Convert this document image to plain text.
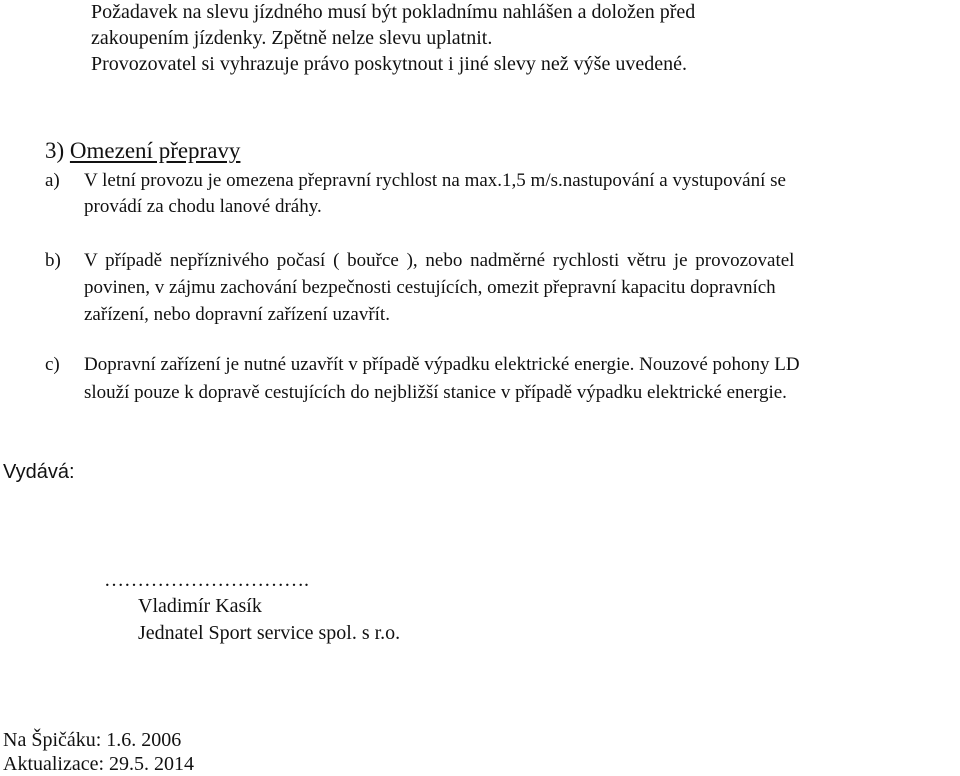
Požadavek na slevu jízdného musí být pokladnímu nahlášen a doložen před
zakoupením jízdenky. Zpětně nelze slevu uplatnit.
Provozovatel si vyhrazuje právo poskytnout i jiné slevy než výše uvedené.
3) Omezení přepravy
a) V letní provozu je omezena přepravní rychlost na max.1,5 m/s.nastupování a vystupování se
provádí za chodu lanové dráhy.
b) V případě nepříznivého počasí ( bouřce ), nebo nadměrné rychlosti větru je provozovatel
povinen, v zájmu zachování bezpečnosti cestujících, omezit přepravní kapacitu dopravních
zařízení, nebo dopravní zařízení uzavřít.
c) Dopravní zařízení je nutné uzavřít v případě výpadku elektrické energie. Nouzové pohony LD
slouží pouze k dopravě cestujících do nejbližší stanice v případě výpadku elektrické energie.
Vydává:
………………………….
Vladimír Kasík
Jednatel Sport service spol. s r.o.
Na Špičáku: 1.6. 2006
Aktualizace: 29.5. 2014
